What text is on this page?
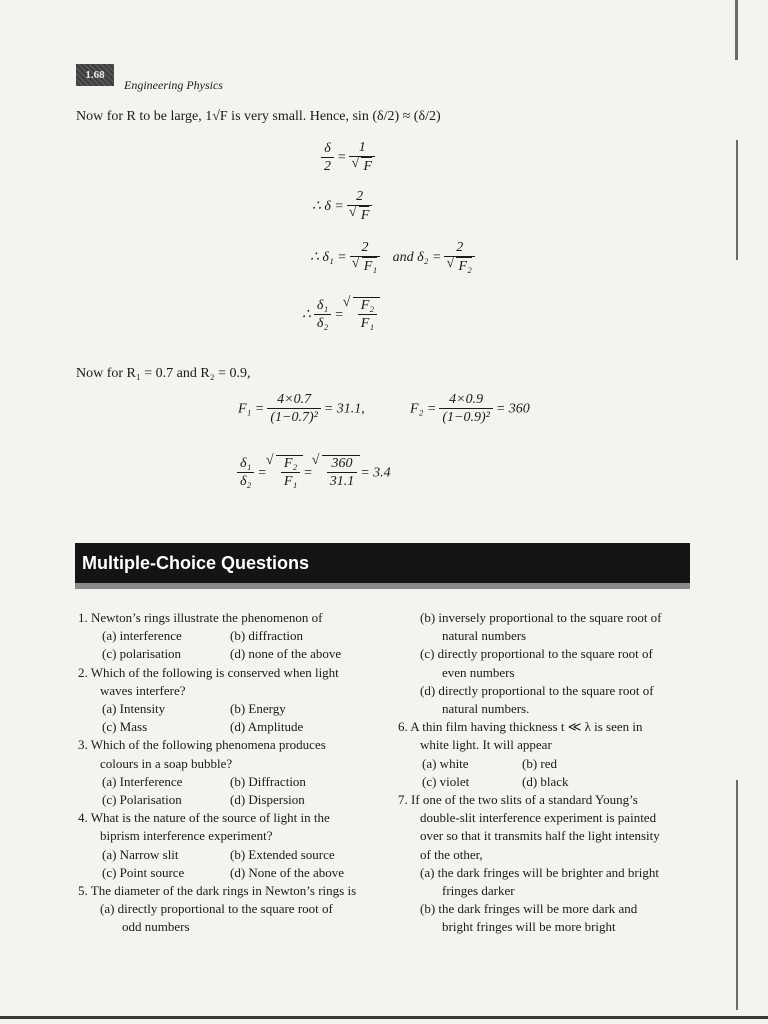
1.68
Engineering Physics
Now for R to be large, 1√F is very small. Hence, sin (δ/2) ≈ (δ/2)
$\frac{\delta}{2} = 1$
√ F
∴ δ = 2
√ F
∴ δ₁ = 2
√ F₁ and δ₂ = 2
√ F₂
∴ $\frac{\text{δ₁}}{\text{δ₂}}$ = √ $\frac{\text{F₂}}{\text{F₁}}$
Now for R₁ = 0.7 and R₂ = 0.9,
$F_1 = \frac{4\times 0.7}{\text{(1−0.7)²}} = 31.1$,	$F_2 = \frac{4\times 0.9}{\text{(1−0.9)²}} = 360$
$\frac{\text{δ₁}}{\text{δ₂}}$ = √ $\frac{\text{F₂}}{\text{F₁}}$ = √ $\frac{360}{31.1} = 3.4$
Multiple-Choice Questions

1. Newton’s rings illustrate the phenomenon of

(a) interference	(b) diffraction
(c) polarisation	(d) none of the above

2. Which of the following is conserved when light

waves interfere?

(a) Intensity	(b) Energy
(c) Mass	(d) Amplitude

3. Which of the following phenomena produces

colours in a soap bubble?

(a) Interference	(b) Diffraction
(c) Polarisation	(d) Dispersion

4. What is the nature of the source of light in the

biprism interference experiment?

(a) Narrow slit	(b) Extended source
(c) Point source	(d) None of the above

5. The diameter of the dark rings in Newton’s rings is

(a) directly proportional to the square root of

odd numbers

(b) inversely proportional to the square root of

natural numbers

(c) directly proportional to the square root of

even numbers

(d) directly proportional to the square root of

natural numbers.

6. A thin film having thickness t ≪ λ is seen in

white light. It will appear

(a) white	(b) red
(c) violet	(d) black

7. If one of the two slits of a standard Young’s

double-slit interference experiment is painted

over so that it transmits half the light intensity

of the other,

(a) the dark fringes will be brighter and bright

fringes darker

(b) the dark fringes will be more dark and

bright fringes will be more bright
